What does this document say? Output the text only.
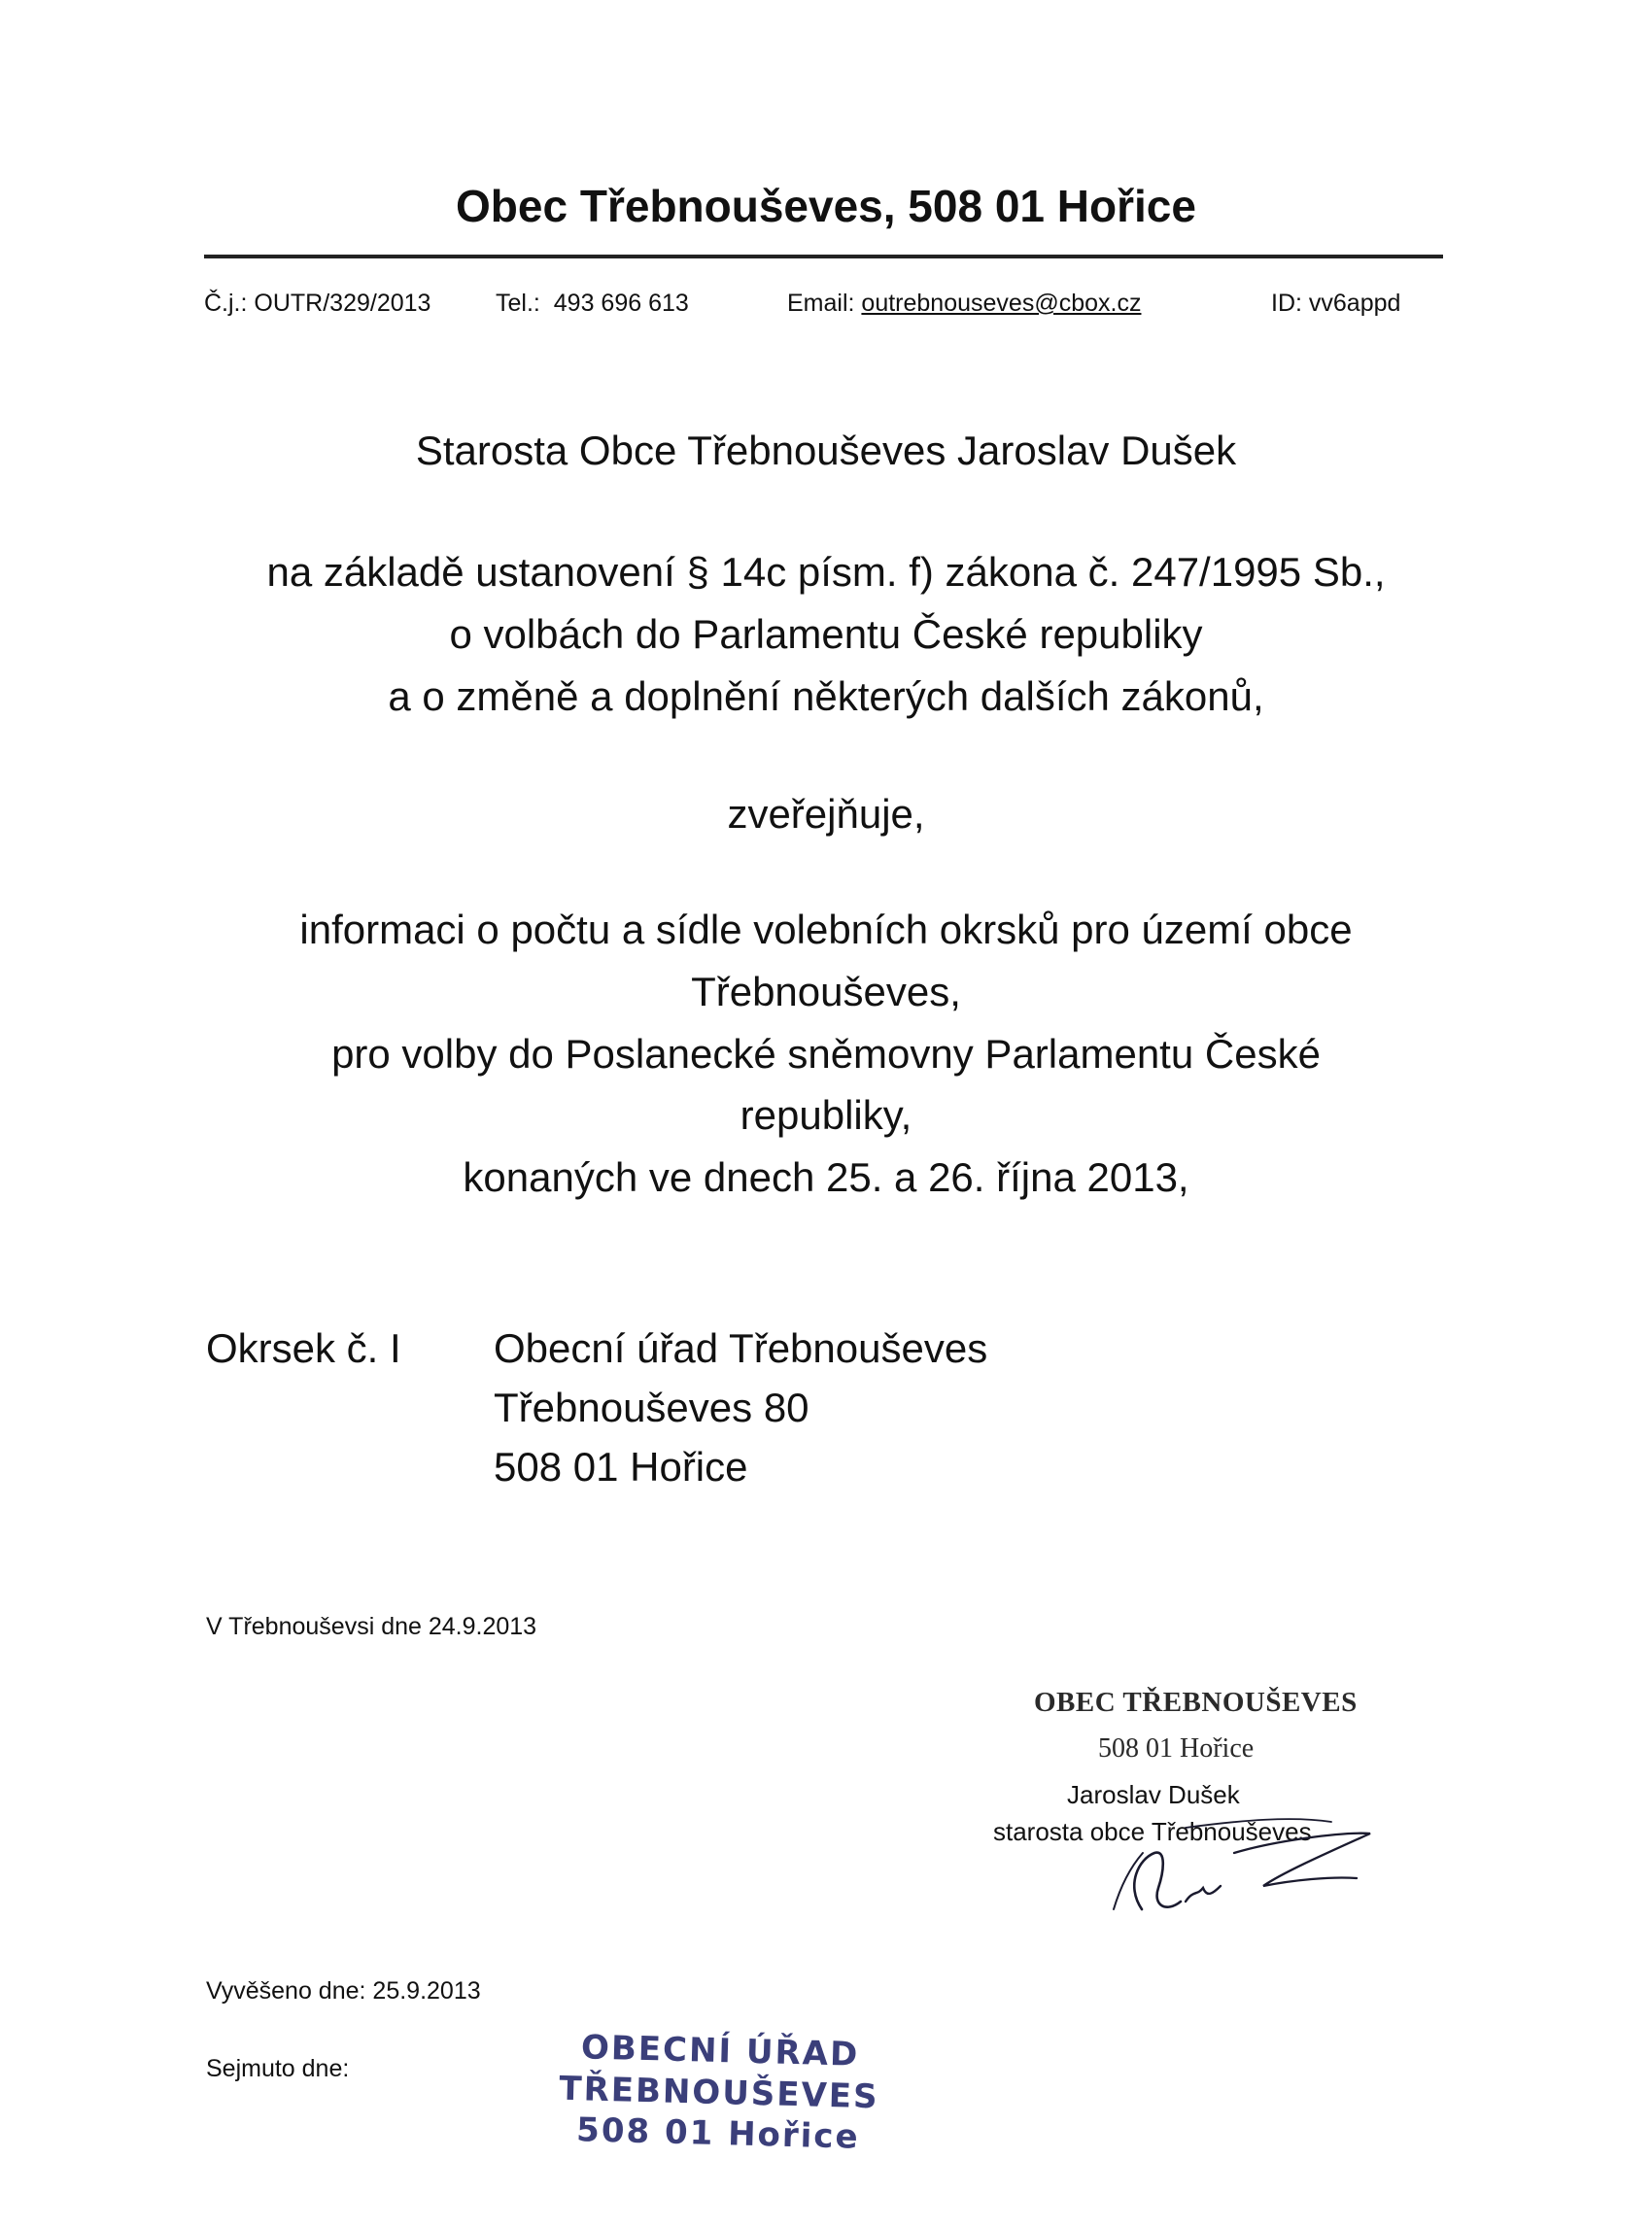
Obec Třebnouševes, 508 01 Hořice
Č.j.: OUTR/329/2013	Tel.: 493 696 613	Email: outrebnouseves@cbox.cz	ID: vv6appd
Starosta Obce Třebnouševes Jaroslav Dušek
na základě ustanovení § 14c písm. f) zákona č. 247/1995 Sb.,
o volbách do Parlamentu České republiky
a o změně a doplnění některých dalších zákonů,
zveřejňuje,
informaci o počtu a sídle volebních okrsků pro území obce
Třebnouševes,
pro volby do Poslanecké sněmovny Parlamentu České
republiky,
konaných ve dnech 25. a 26. října 2013,
Okrsek č. I Obecní úřad Třebnouševes
Třebnouševes 80
508 01 Hořice
V Třebnouševsi dne 24.9.2013
OBEC TŘEBNOUŠEVES
508 01 Hořice
Jaroslav Dušek
starosta obce Třebnouševes
Vyvěšeno dne: 25.9.2013
Sejmuto dne:	OBECNÍ ÚŘAD
TŘEBNOUŠEVES
508 01 Hořice
